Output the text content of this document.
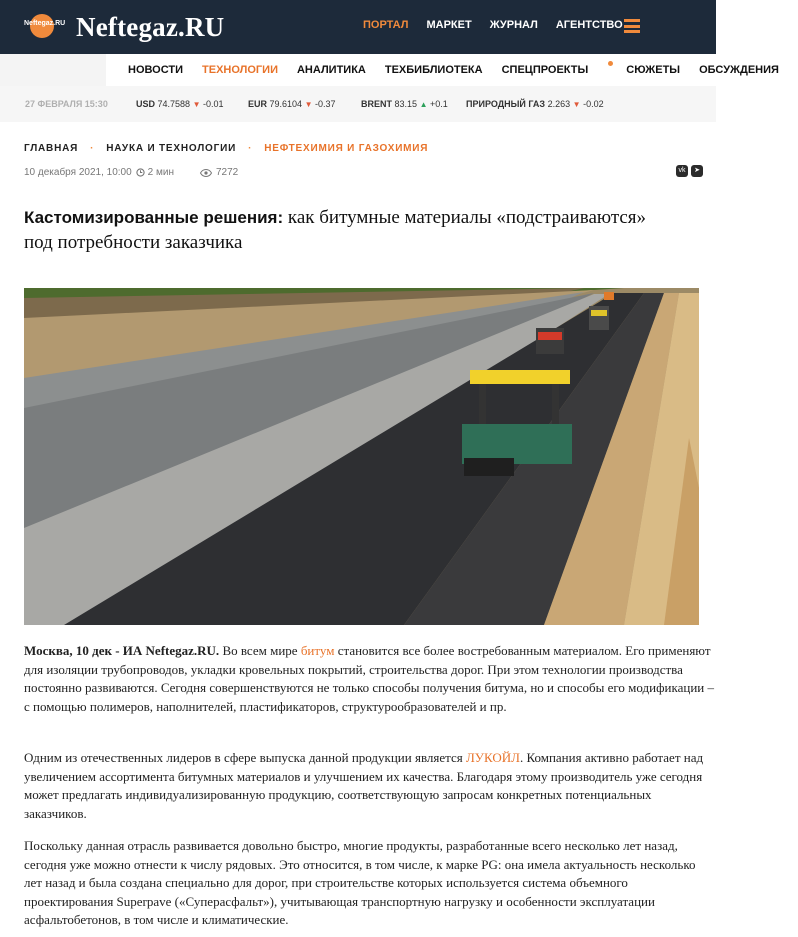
Neftegaz.RU Neftegaz.RU	ПОРТАЛ МАРКЕТ ЖУРНАЛ АГЕНТСТВО
НОВОСТИ ТЕХНОЛОГИИ АНАЛИТИКА ТЕХБИБЛИОТЕКА СПЕЦПРОЕКТЫ	СЮЖЕТЫ ОБСУЖДЕНИЯ
27 ФЕВРАЛЯ 15:30	USD 74.7588 ▼ -0.01	EUR 79.6104 ▼ -0.37	BRENT 83.15 ▲ +0.1 ПРИРОДНЫЙ ГАЗ 2.263 ▼ -0.02
ГЛАВНАЯ · НАУКА И ТЕХНОЛОГИИ · НЕФТЕХИМИЯ И ГАЗОХИМИЯ
10 декабря 2021, 10:00 2 мин	7272	vk	➤
Кастомизированные решения: как битумные материалы «подстраиваются» под потребности заказчика

Москва, 10 дек - ИА Neftegaz.RU. Во всем мире битум становится все более востребованным материалом. Его применяют для изоляции трубопроводов, укладки кровельных покрытий, строительства дорог. При этом технологии производства постоянно развиваются. Сегодня совершенствуются не только способы получения битума, но и способы его модификации – с помощью полимеров, наполнителей, пластификаторов, структурообразователей и пр.

Одним из отечественных лидеров в сфере выпуска данной продукции является ЛУКОЙЛ. Компания активно работает над увеличением ассортимента битумных материалов и улучшением их качества. Благодаря этому производитель уже сегодня может предлагать индивидуализированную продукцию, соответствующую запросам конкретных потенциальных заказчиков.

Поскольку данная отрасль развивается довольно быстро, многие продукты, разработанные всего несколько лет назад, сегодня уже можно отнести к числу рядовых. Это относится, в том числе, к марке PG: она имела актуальность несколько лет назад и была создана специально для дорог, при строительстве которых используется система объемного проектирования Superpave («Суперасфальт»), учитывающая транспортную нагрузку и особенности эксплуатации асфальтобетонов, в том числе и климатические.
